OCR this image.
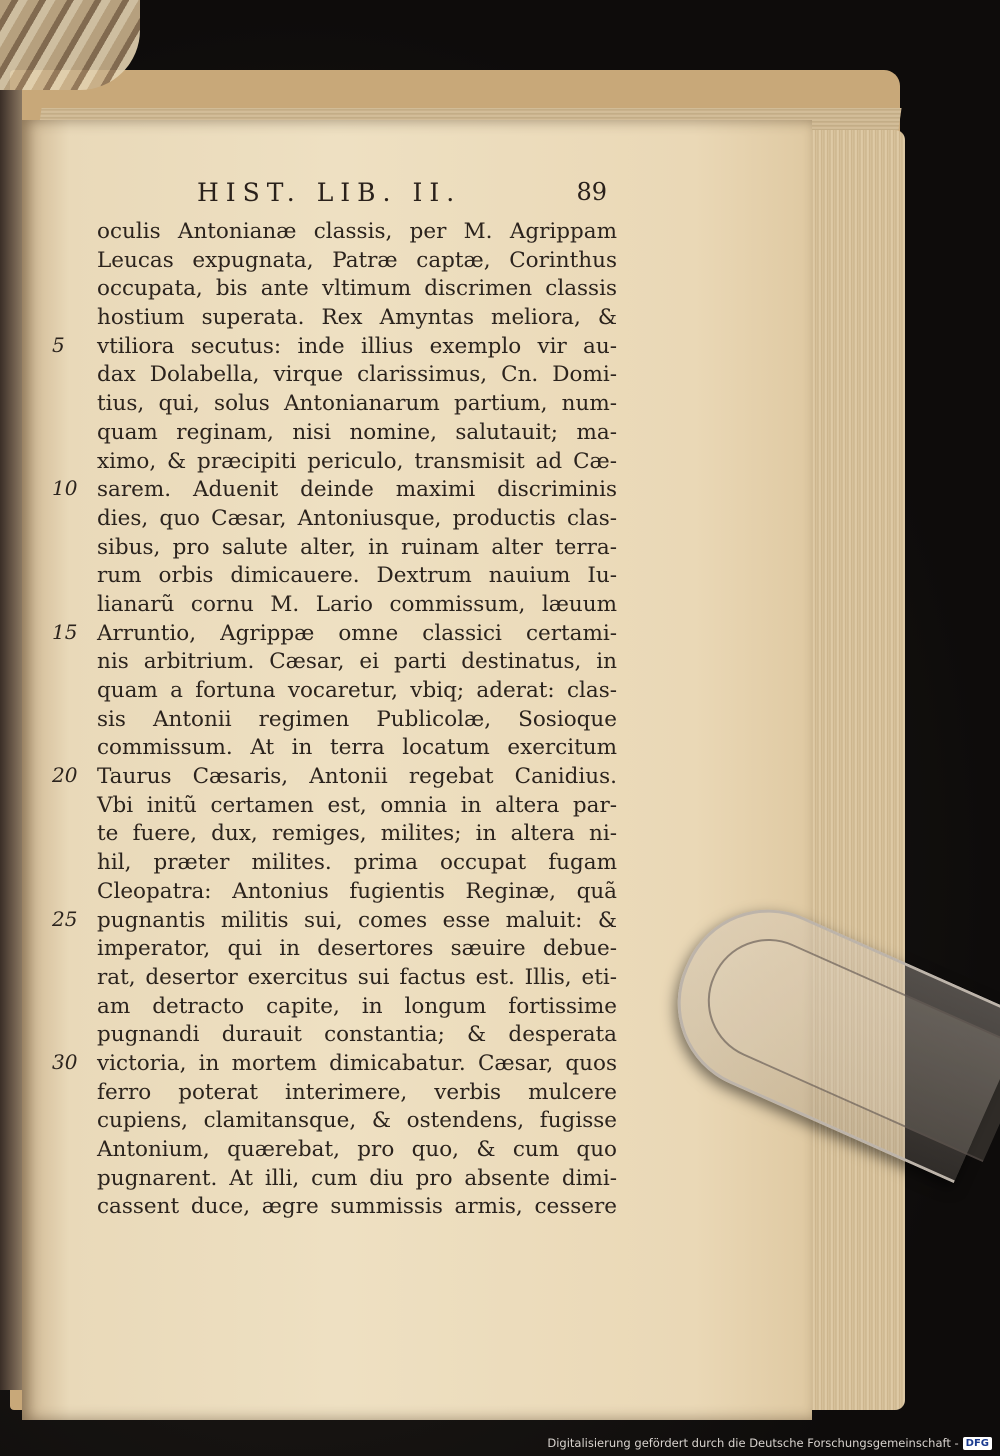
HIST. LIB. II.	89
oculis Antonianæ classis, per M. Agrippam
Leucas expugnata, Patræ captæ, Corinthus
occupata, bis ante vltimum discrimen classis
hostium superata. Rex Amyntas meliora, &
vtiliora secutus: inde illius exemplo vir au-
dax Dolabella, virque clarissimus, Cn. Domi-
tius, qui, solus Antonianarum partium, num-
quam reginam, nisi nomine, salutauit; ma-
ximo, & præcipiti periculo, transmisit ad Cæ-
sarem. Aduenit deinde maximi discriminis
dies, quo Cæsar, Antoniusque, productis clas-
sibus, pro salute alter, in ruinam alter terra-
rum orbis dimicauere. Dextrum nauium Iu-
lianarũ cornu M. Lario commissum, læuum
Arruntio, Agrippæ omne classici certami-
nis arbitrium. Cæsar, ei parti destinatus, in
quam a fortuna vocaretur, vbiq; aderat: clas-
sis Antonii regimen Publicolæ, Sosioque
commissum. At in terra locatum exercitum
Taurus Cæsaris, Antonii regebat Canidius.
Vbi initũ certamen est, omnia in altera par-
te fuere, dux, remiges, milites; in altera ni-
hil, præter milites. prima occupat fugam
Cleopatra: Antonius fugientis Reginæ, quã
pugnantis militis sui, comes esse maluit: &
imperator, qui in desertores sæuire debue-
rat, desertor exercitus sui factus est. Illis, eti-
am detracto capite, in longum fortissime
pugnandi durauit constantia; & desperata
victoria, in mortem dimicabatur. Cæsar, quos
ferro poterat interimere, verbis mulcere
cupiens, clamitansque, & ostendens, fugisse
Antonium, quærebat, pro quo, & cum quo
pugnarent. At illi, cum diu pro absente dimi-
cassent duce, ægre summissis armis, cessere
5
10
15
20
25
30
Digitalisierung gefördert durch die Deutsche Forschungsgemeinschaft - DFG
